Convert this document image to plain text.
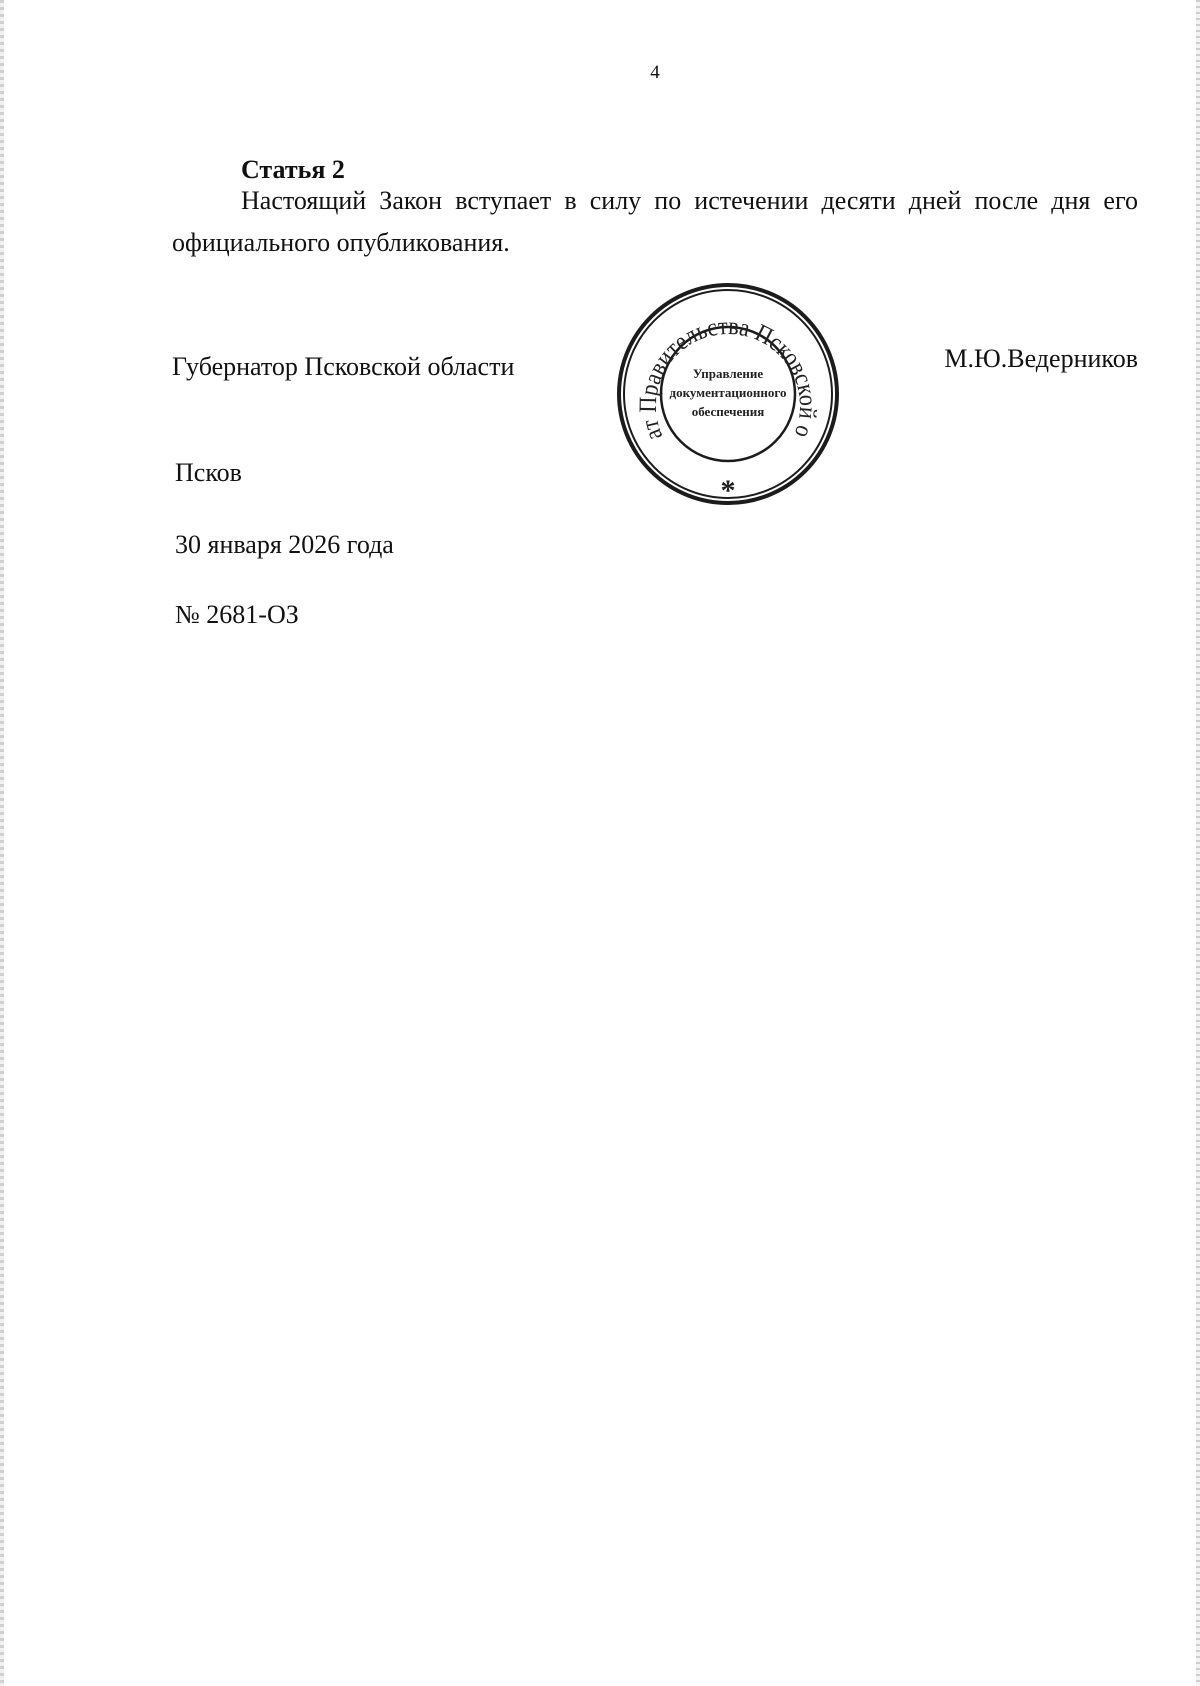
4
Статья 2
Настоящий Закон вступает в силу по истечении десяти дней после дня его официального опубликования.
Губернатор Псковской области
ат Правительства Псковской о
Управление
документационного
обеспечения
*
М.Ю.Ведерников
Псков
30 января 2026 года
№ 2681-ОЗ
